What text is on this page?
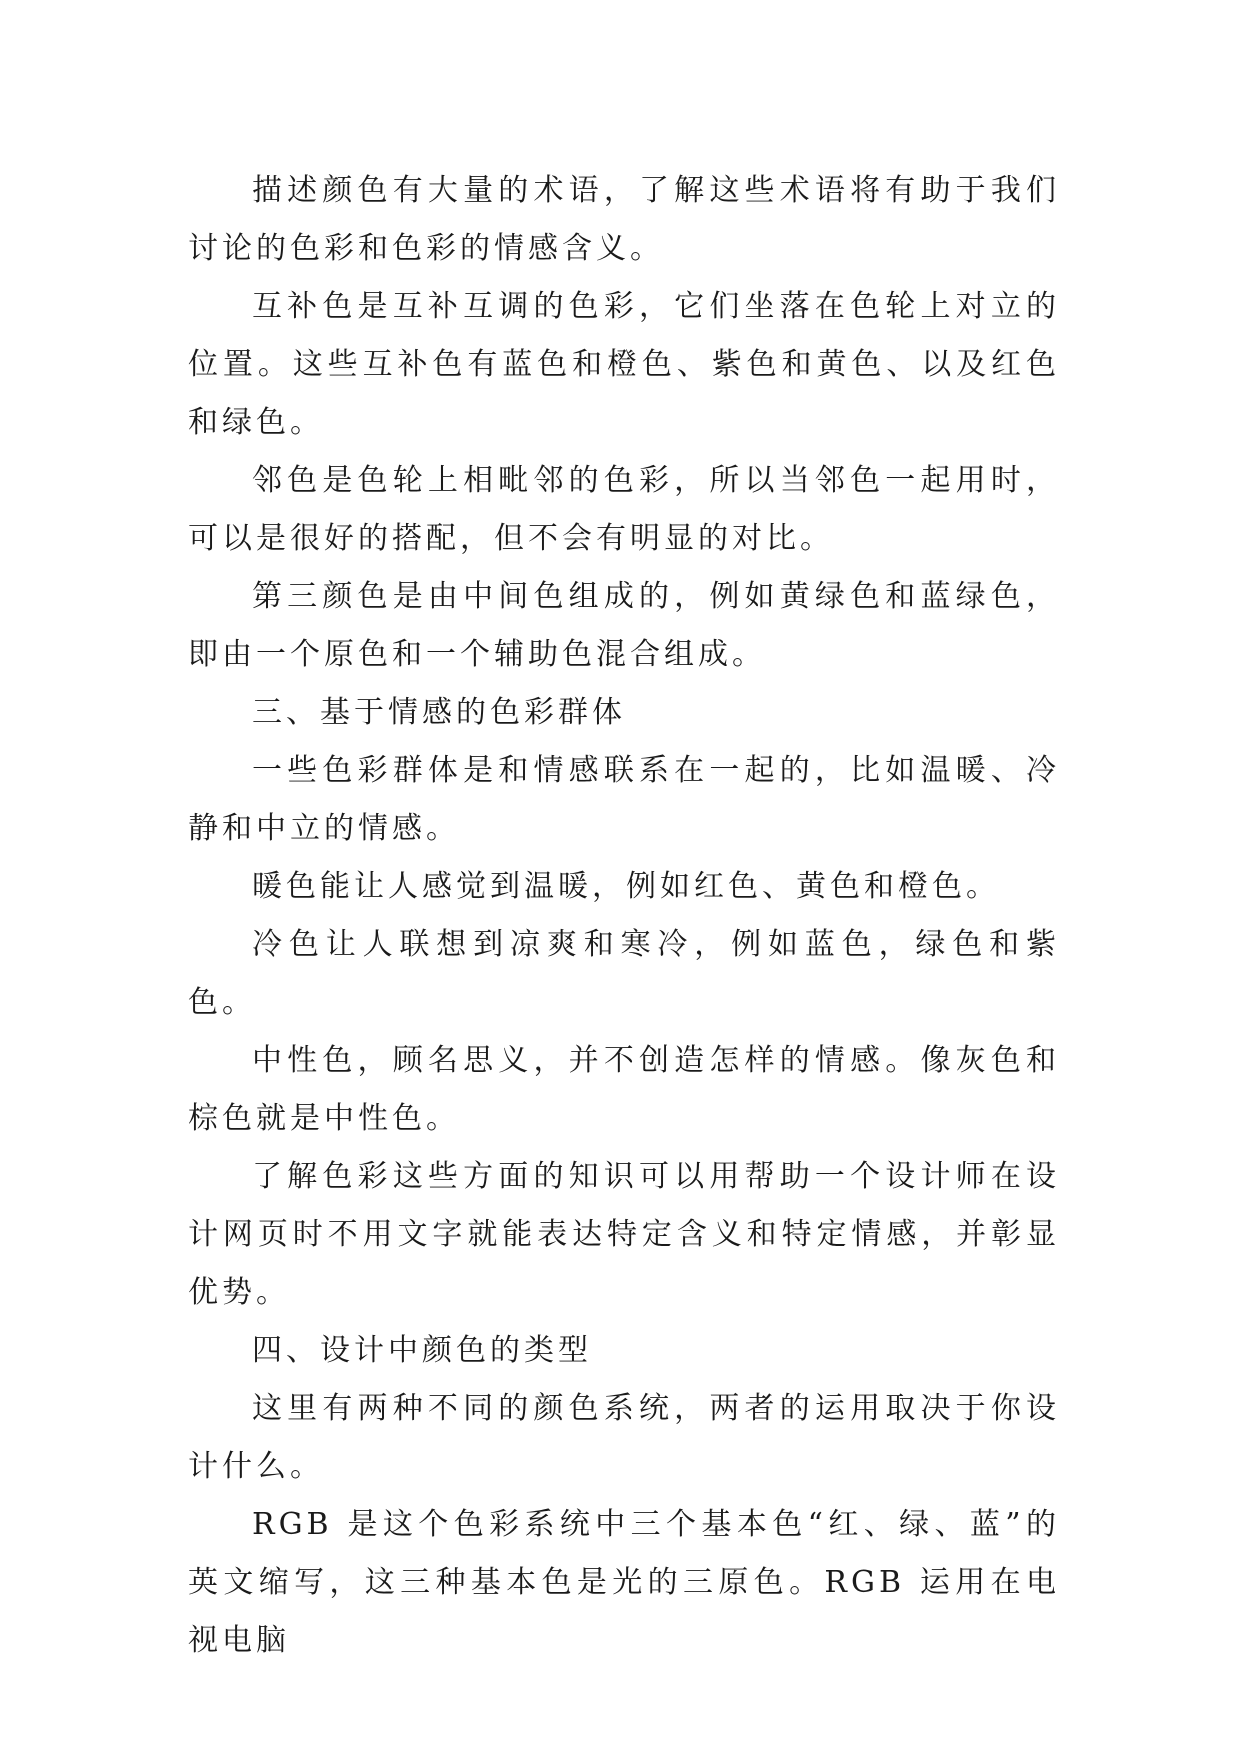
描述颜色有大量的术语，了解这些术语将有助于我们讨论的色彩和色彩的情感含义。

互补色是互补互调的色彩，它们坐落在色轮上对立的位置。这些互补色有蓝色和橙色、紫色和黄色、以及红色和绿色。

邻色是色轮上相毗邻的色彩，所以当邻色一起用时，可以是很好的搭配，但不会有明显的对比。

第三颜色是由中间色组成的，例如黄绿色和蓝绿色，即由一个原色和一个辅助色混合组成。

三、基于情感的色彩群体

一些色彩群体是和情感联系在一起的，比如温暖、冷静和中立的情感。

暖色能让人感觉到温暖，例如红色、黄色和橙色。

冷色让人联想到凉爽和寒冷，例如蓝色，绿色和紫色。

中性色，顾名思义，并不创造怎样的情感。像灰色和棕色就是中性色。

了解色彩这些方面的知识可以用帮助一个设计师在设计网页时不用文字就能表达特定含义和特定情感，并彰显优势。

四、设计中颜色的类型

这里有两种不同的颜色系统，两者的运用取决于你设计什么。

RGB 是这个色彩系统中三个基本色“红、绿、蓝”的英文缩写，这三种基本色是光的三原色。RGB 运用在电视电脑
